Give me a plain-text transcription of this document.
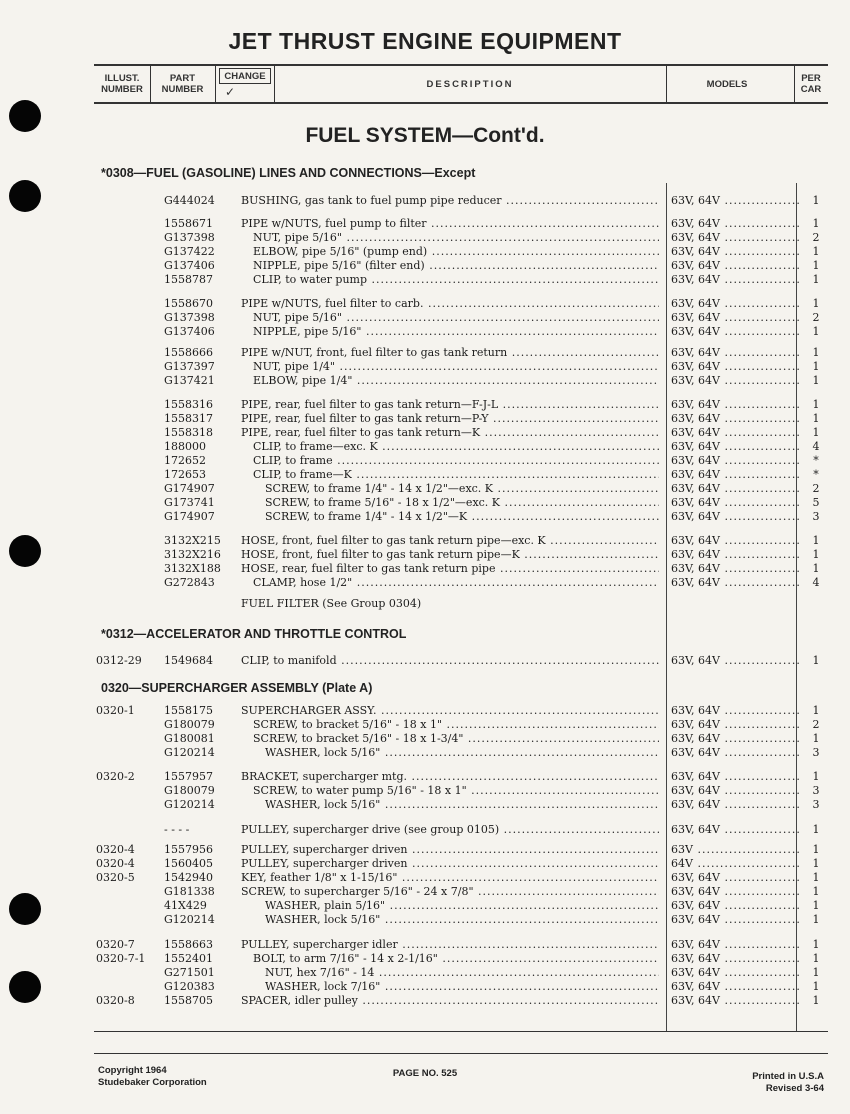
JET THRUST ENGINE EQUIPMENT
ILLUST. NUMBER
PART NUMBER
CHANGE
✓
DESCRIPTION	MODELS	PER CAR
FUEL SYSTEM—Cont'd.
*0308—FUEL (GASOLINE) LINES AND CONNECTIONS—Except
G444024 BUSHING, gas tank to fuel pump pipe reducer .....	63V, 64V .....	1
1558671	PIPE w/NUTS, fuel pump to filter .....	63V, 64V .....	1
G137398	NUT, pipe 5/16" .....	63V, 64V .....	2
G137422	ELBOW, pipe 5/16" (pump end) .....	63V, 64V .....	1
G137406	NIPPLE, pipe 5/16" (filter end) .....	63V, 64V .....	1
1558787	CLIP, to water pump .....	63V, 64V .....	1
1558670	PIPE w/NUTS, fuel filter to carb. .....	63V, 64V .....	1
G137398	NUT, pipe 5/16" .....	63V, 64V .....	2
G137406	NIPPLE, pipe 5/16" .....	63V, 64V .....	1
1558666	PIPE w/NUT, front, fuel filter to gas tank return .....	63V, 64V .....	1
G137397	NUT, pipe 1/4" .....	63V, 64V .....	1
G137421	ELBOW, pipe 1/4" .....	63V, 64V .....	1
1558316	PIPE, rear, fuel filter to gas tank return—F-J-L .....	63V, 64V .....	1
1558317	PIPE, rear, fuel filter to gas tank return—P-Y .....	63V, 64V .....	1
1558318	PIPE, rear, fuel filter to gas tank return—K .....	63V, 64V .....	1
188000	CLIP, to frame—exc. K .....	63V, 64V .....	4
172652	CLIP, to frame .....	63V, 64V .....	*
172653	CLIP, to frame—K .....	63V, 64V .....	*
G174907	SCREW, to frame 1/4" - 14 x 1/2"—exc. K .....	63V, 64V .....	2
G173741	SCREW, to frame 5/16" - 18 x 1/2"—exc. K .....	63V, 64V .....	5
G174907	SCREW, to frame 1/4" - 14 x 1/2"—K .....	63V, 64V .....	3
3132X215 HOSE, front, fuel filter to gas tank return pipe—exc. K .....	63V, 64V .....	1
3132X216 HOSE, front, fuel filter to gas tank return pipe—K .....	63V, 64V .....	1
3132X188 HOSE, rear, fuel filter to gas tank return pipe .....	63V, 64V .....	1
G272843	CLAMP, hose 1/2" .....	63V, 64V .....	4
FUEL FILTER (See Group 0304)
*0312—ACCELERATOR AND THROTTLE CONTROL
0312-29 1549684	CLIP, to manifold .....	63V, 64V .....	1
0320—SUPERCHARGER ASSEMBLY (Plate A)
0320-1	1558175	SUPERCHARGER ASSY. .....	63V, 64V .....	1
G180079	SCREW, to bracket 5/16" - 18 x 1" .....	63V, 64V .....	2
G180081	SCREW, to bracket 5/16" - 18 x 1-3/4" .....	63V, 64V .....	1
G120214	WASHER, lock 5/16" .....	63V, 64V .....	3
0320-2	1557957	BRACKET, supercharger mtg. .....	63V, 64V .....	1
G180079	SCREW, to water pump 5/16" - 18 x 1" .....	63V, 64V .....	3
G120214	WASHER, lock 5/16" .....	63V, 64V .....	3
- - - -	PULLEY, supercharger drive (see group 0105) .....	63V, 64V .....	1
0320-4	1557956	PULLEY, supercharger driven .....	63V .....	1
0320-4	1560405	PULLEY, supercharger driven .....	64V .....	1
0320-5	1542940	KEY, feather 1/8" x 1-15/16" .....	63V, 64V .....	1
G181338 SCREW, to supercharger 5/16" - 24 x 7/8" .....	63V, 64V .....	1
41X429	WASHER, plain 5/16" .....	63V, 64V .....	1
G120214	WASHER, lock 5/16" .....	63V, 64V .....	1
0320-7	1558663	PULLEY, supercharger idler .....	63V, 64V .....	1
0320-7-1 1552401	BOLT, to arm 7/16" - 14 x 2-1/16" .....	63V, 64V .....	1
G271501	NUT, hex 7/16" - 14 .....	63V, 64V .....	1
G120383	WASHER, lock 7/16" .....	63V, 64V .....	1
0320-8	1558705	SPACER, idler pulley .....	63V, 64V .....	1
Copyright 1964
Studebaker Corporation
PAGE NO. 525	Printed in U.S.A
Revised 3-64
